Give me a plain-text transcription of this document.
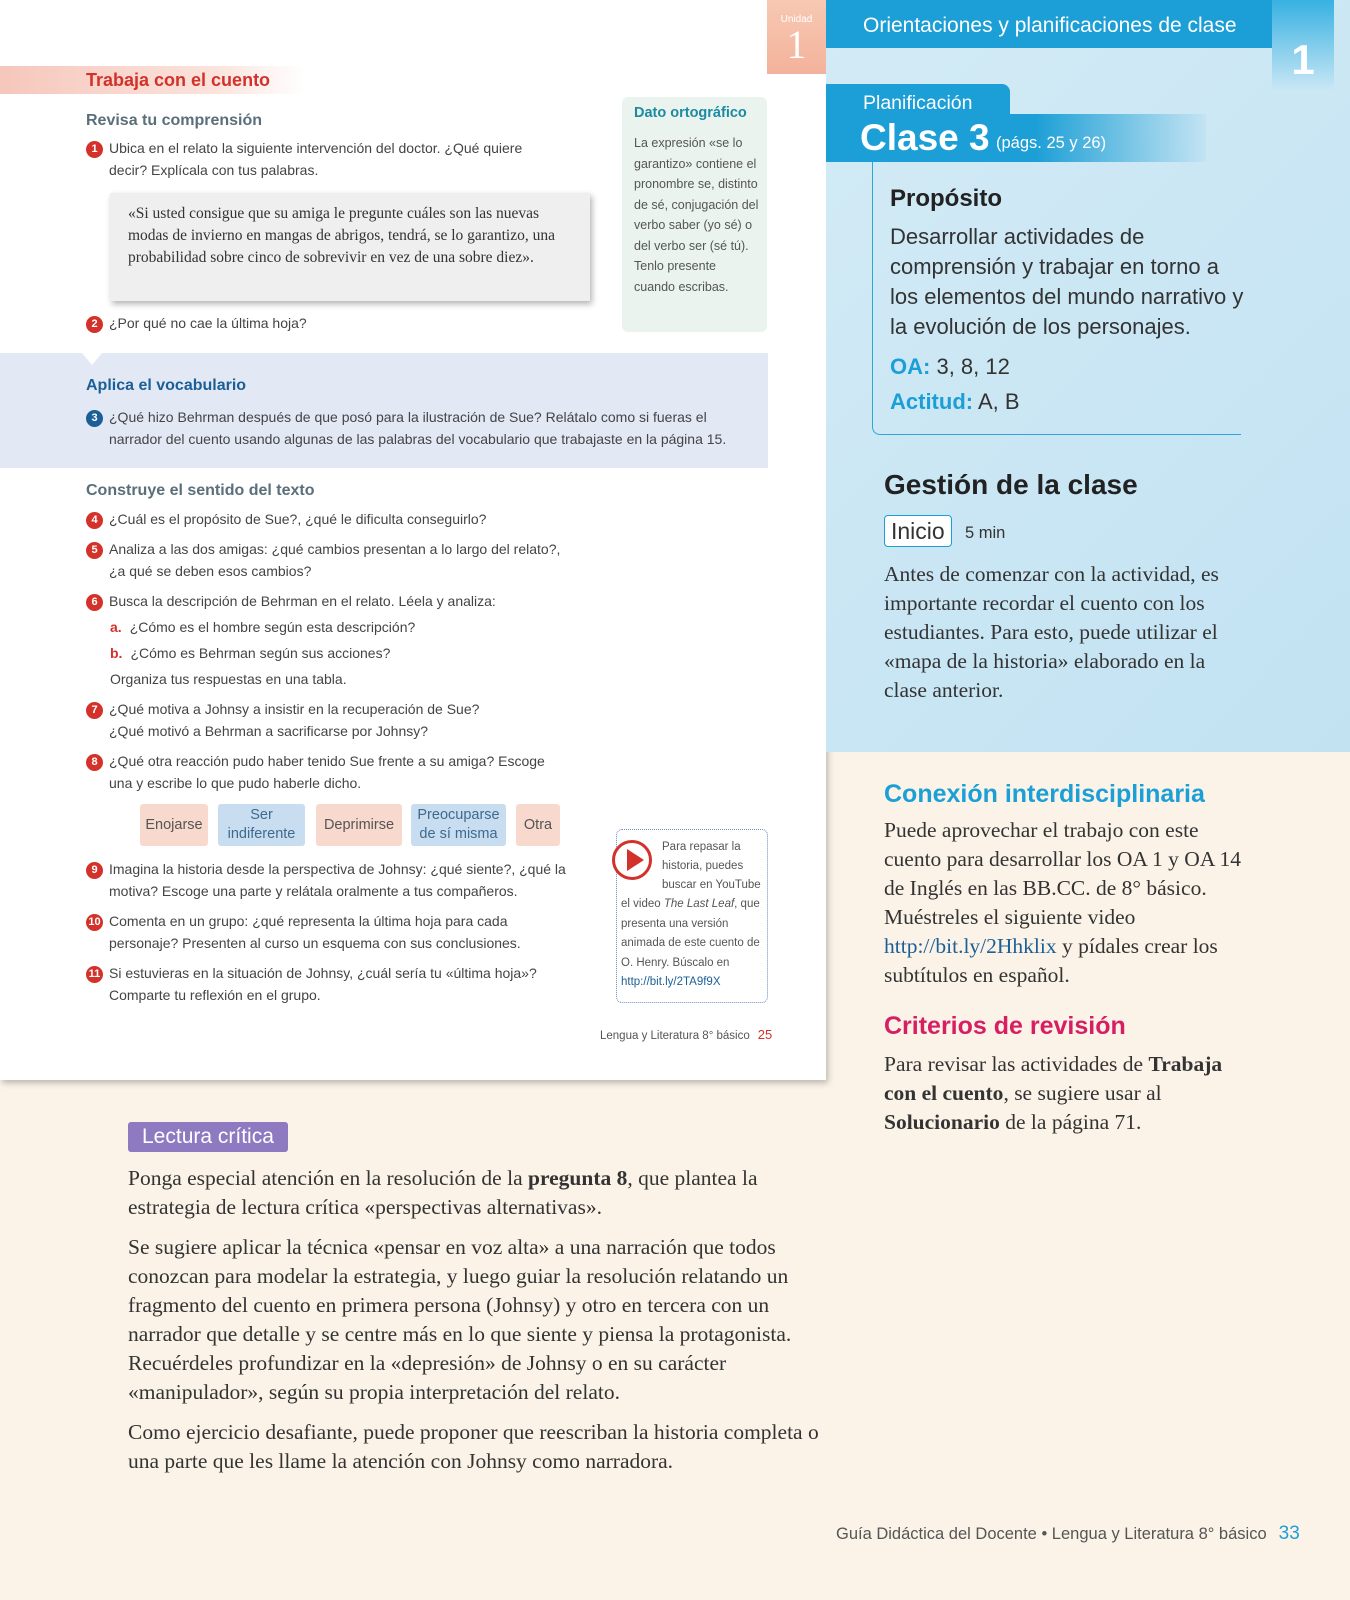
Unidad
1
Trabaja con el cuento
Revisa tu comprensión
1 Ubica en el relato la siguiente intervención del doctor. ¿Qué quiere
decir? Explícala con tus palabras.
«Si usted consigue que su amiga le pregunte cuáles son las nuevas modas de invierno en mangas de abrigos, tendrá, se lo garantizo, una probabilidad sobre cinco de sobrevivir en vez de una sobre diez».
2 ¿Por qué no cae la última hoja?
Dato ortográfico
La expresión «se lo garantizo» contiene el pronombre se, distinto de sé, conjugación del verbo saber (yo sé) o del verbo ser (sé tú). Tenlo presente cuando escribas.
Aplica el vocabulario
3 ¿Qué hizo Behrman después de que posó para la ilustración de Sue? Relátalo como si fueras el
narrador del cuento usando algunas de las palabras del vocabulario que trabajaste en la página 15.
Construye el sentido del texto
4 ¿Cuál es el propósito de Sue?, ¿qué le dificulta conseguirlo?
5 Analiza a las dos amigas: ¿qué cambios presentan a lo largo del relato?,
¿a qué se deben esos cambios?
6 Busca la descripción de Behrman en el relato. Léela y analiza:
a. ¿Cómo es el hombre según esta descripción?
b. ¿Cómo es Behrman según sus acciones?
Organiza tus respuestas en una tabla.
7 ¿Qué motiva a Johnsy a insistir en la recuperación de Sue?
¿Qué motivó a Behrman a sacrificarse por Johnsy?
8 ¿Qué otra reacción pudo haber tenido Sue frente a su amiga? Escoge
una y escribe lo que pudo haberle dicho.
Enojarse
Ser
indiferente
Deprimirse
Preocuparse
de sí misma
Otra
9 Imagina la historia desde la perspectiva de Johnsy: ¿qué siente?, ¿qué la
motiva? Escoge una parte y relátala oralmente a tus compañeros.
10 Comenta en un grupo: ¿qué representa la última hoja para cada
personaje? Presenten al curso un esquema con sus conclusiones.
11 Si estuvieras en la situación de Johnsy, ¿cuál sería tu «última hoja»?
Comparte tu reflexión en el grupo.
Para repasar la historia, puedes buscar en YouTube
el video The Last Leaf, que presenta una versión animada de este cuento de O. Henry. Búscalo en http://bit.ly/2TA9f9X
Lengua y Literatura 8° básico 25
Orientaciones y planificaciones de clase
1
Planificación
Clase 3 (págs. 25 y 26)
Propósito
Desarrollar actividades de comprensión y trabajar en torno a los elementos del mundo narrativo y la evolución de los personajes.
OA: 3, 8, 12
Actitud: A, B
Gestión de la clase
Inicio	5 min
Antes de comenzar con la actividad, es importante recordar el cuento con los estudiantes. Para esto, puede utilizar el «mapa de la historia» elaborado en la clase anterior.
Conexión interdisciplinaria
Puede aprovechar el trabajo con este cuento para desarrollar los OA 1 y OA 14 de Inglés en las BB.CC. de 8° básico. Muéstreles el siguiente video http://bit.ly/2Hhklix y pídales crear los subtítulos en español.
Criterios de revisión
Para revisar las actividades de Trabaja con el cuento, se sugiere usar al Solucionario de la página 71.
Lectura crítica
Ponga especial atención en la resolución de la pregunta 8, que plantea la estrategia de lectura crítica «perspectivas alternativas».
Se sugiere aplicar la técnica «pensar en voz alta» a una narración que todos conozcan para modelar la estrategia, y luego guiar la resolución relatando un fragmento del cuento en primera persona (Johnsy) y otro en tercera con un narrador que detalle y se centre más en lo que siente y piensa la protagonista. Recuérdeles profundizar en la «depresión» de Johnsy o en su carácter «manipulador», según su propia interpretación del relato.
Como ejercicio desafiante, puede proponer que reescriban la historia completa o una parte que les llame la atención con Johnsy como narradora.
Guía Didáctica del Docente • Lengua y Literatura 8° básico 33
